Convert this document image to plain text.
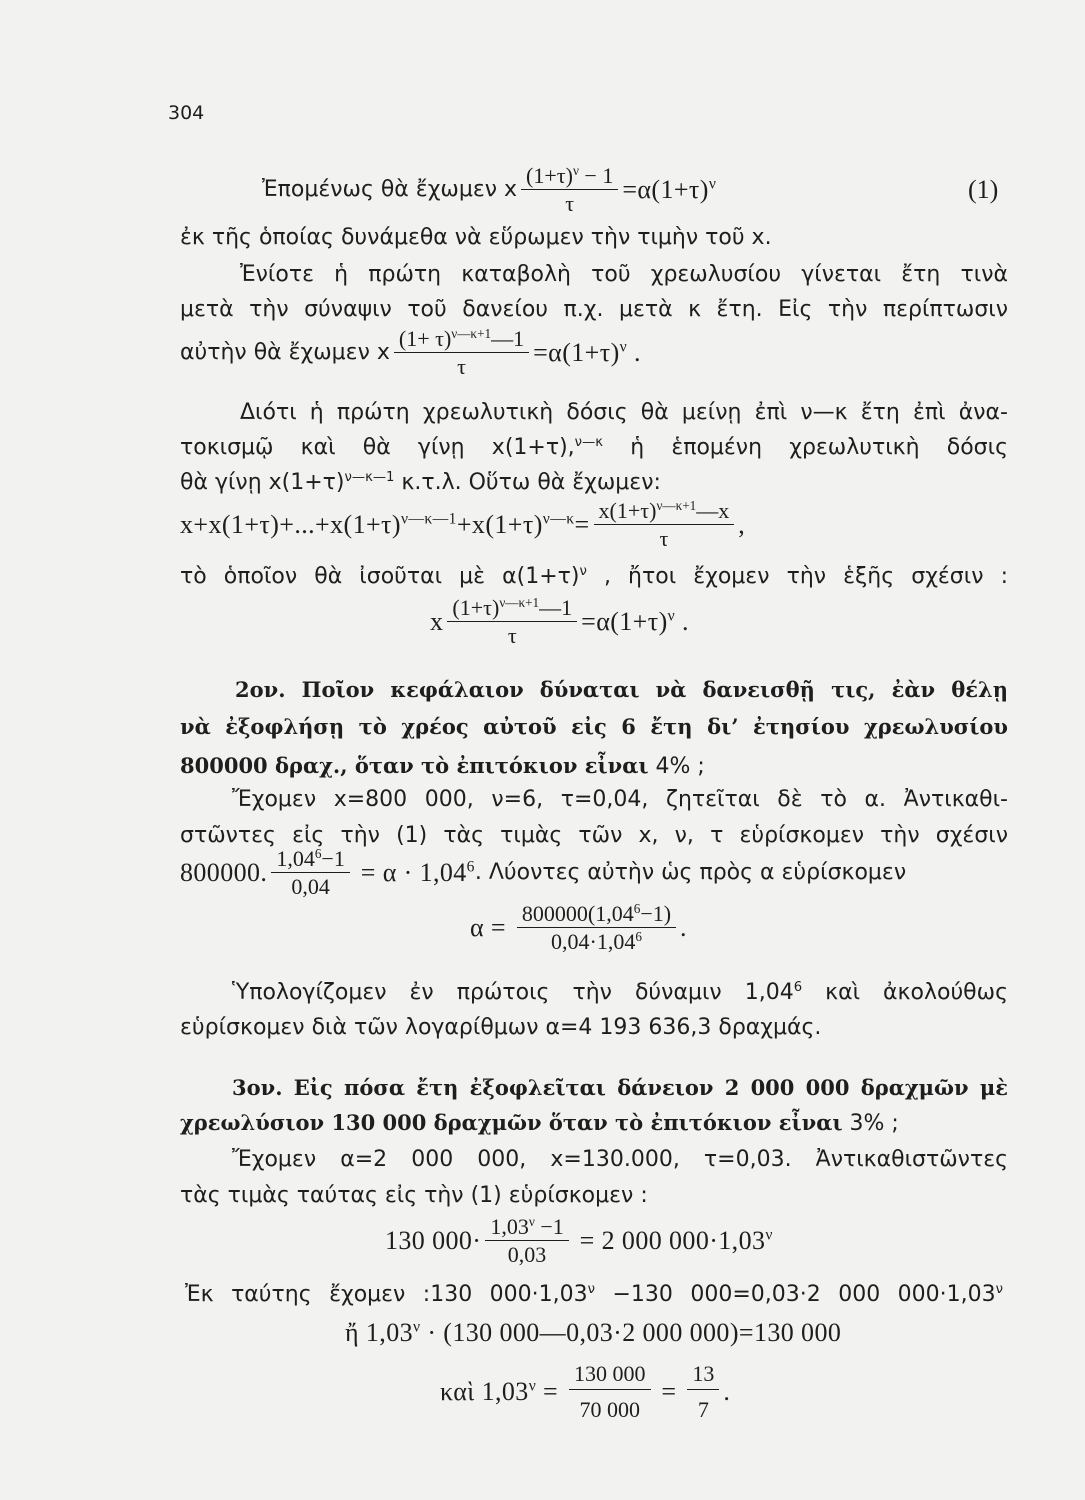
304
Ἐπομένως θὰ ἔχωμεν x $\frac{(1+\tau)^\nu - 1}{\tau} =\alpha(1+\tau)^\nu$	(1)
ἐκ τῆς ὁποίας δυνάμεθα νὰ εὕρωμεν τὴν τιμὴν τοῦ x.
Ἐνίοτε ἡ πρώτη καταβολὴ τοῦ χρεωλυσίου γίνεται ἔτη τινὰ
μετὰ τὴν σύναψιν τοῦ δανείου π.χ. μετὰ κ ἔτη. Εἰς τὴν περίπτωσιν
αὐτὴν θὰ ἔχωμεν x $\frac{(1+ \tau)^{\nu—\kappa+1}—1}{\tau} =\alpha(1+\tau)^\nu$ .
Διότι ἡ πρώτη χρεωλυτικὴ δόσις θὰ μείνῃ ἐπὶ ν—κ ἔτη ἐπὶ ἀνα-
τοκισμῷ καὶ θὰ γίνῃ x(1+τ),$^{\nu—\kappa}$ ἡ ἑπομένη χρεωλυτικὴ δόσις
θὰ γίνῃ $x(1+\tau)^{\nu—\kappa—1}$ κ.τ.λ. Οὕτω θὰ ἔχωμεν:
$x+x(1+\tau)+...+x(1+\tau)^{\nu—\kappa—1}+x(1+\tau)^{\nu—\kappa}= \frac{x(1+\tau)^{\nu—\kappa+1}—x}{\tau}$ ,
τὸ ὁποῖον θὰ ἰσοῦται μὲ $\alpha(1+\tau)^\nu$ , ἤτοι ἔχομεν τὴν ἑξῆς σχέσιν :
x $\frac{(1+\tau)^{\nu—\kappa+1}—1}{\tau} =\alpha(1+\tau)^\nu$ .
2ον. Ποῖον κεφάλαιον δύναται νὰ δανεισθῇ τις, ἐὰν θέλῃ
νὰ ἐξοφλήσῃ τὸ χρέος αὐτοῦ εἰς 6 ἔτη δι’ ἐτησίου χρεωλυσίου
800000 δραχ., ὅταν τὸ ἐπιτόκιον εἶναι 4% ;
Ἔχομεν x=800 000, ν=6, τ=0,04, ζητεῖται δὲ τὸ α. Ἀντικαθι-
στῶντες εἰς τὴν (1) τὰς τιμὰς τῶν x, ν, τ εὑρίσκομεν τὴν σχέσιν
800000. $\frac{1,04^6-1}{0,04} = \alpha \cdot 1,04^6$ . Λύοντες αὐτὴν ὡς πρὸς α εὑρίσκομεν
$\alpha = \frac{800000(1,04^6-1)}{0,04\cdot 1,04^6}$ .
Ὑπολογίζομεν ἐν πρώτοις τὴν δύναμιν 1,04$^6$ καὶ ἀκολούθως
εὑρίσκομεν διὰ τῶν λογαρίθμων α=4 193 636,3 δραχμάς.
3ον. Εἰς πόσα ἔτη ἐξοφλεῖται δάνειον 2 000 000 δραχμῶν μὲ
χρεωλύσιον 130 000 δραχμῶν ὅταν τὸ ἐπιτόκιον εἶναι 3% ;
Ἔχομεν α=2 000 000, x=130.000, τ=0,03. Ἀντικαθιστῶντες
τὰς τιμὰς ταύτας εἰς τὴν (1) εὑρίσκομεν :
130 $000\cdot \frac{1,03^\nu -1}{0,03} = 2$ 000 $000\cdot 1,03^\nu$
Ἐκ ταύτης ἔχομεν :130 $000\cdot 1,03^\nu -130$ 000=0,03·2 000 $000\cdot 1,03^\nu$
ἤ $1,03^\nu \cdot (130$ 000—0,03·2 000 000)=130 000
καὶ $1,03^\nu = \frac{130 000}{70 000} = \frac{13}{7}$ .
